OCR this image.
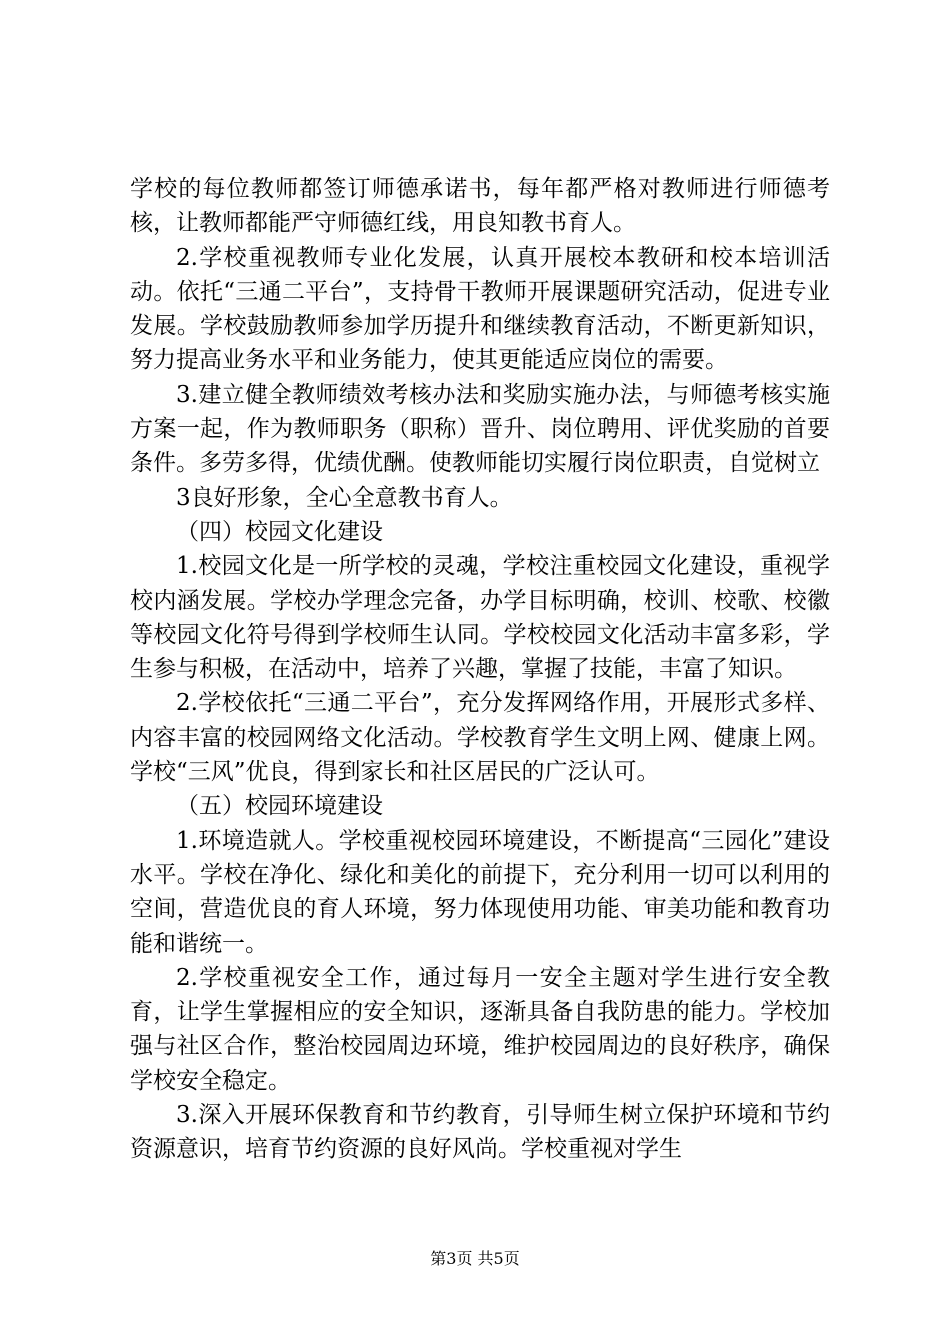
学校的每位教师都签订师德承诺书，每年都严格对教师进行师德考核，让教师都能严守师德红线，用良知教书育人。

2.学校重视教师专业化发展，认真开展校本教研和校本培训活动。依托“三通二平台”，支持骨干教师开展课题研究活动，促进专业发展。学校鼓励教师参加学历提升和继续教育活动，不断更新知识，努力提高业务水平和业务能力，使其更能适应岗位的需要。

3.建立健全教师绩效考核办法和奖励实施办法，与师德考核实施方案一起，作为教师职务（职称）晋升、岗位聘用、评优奖励的首要条件。多劳多得，优绩优酬。使教师能切实履行岗位职责，自觉树立

3良好形象，全心全意教书育人。

（四）校园文化建设

1.校园文化是一所学校的灵魂，学校注重校园文化建设，重视学校内涵发展。学校办学理念完备，办学目标明确，校训、校歌、校徽等校园文化符号得到学校师生认同。学校校园文化活动丰富多彩，学生参与积极，在活动中，培养了兴趣，掌握了技能，丰富了知识。

2.学校依托“三通二平台”，充分发挥网络作用，开展形式多样、内容丰富的校园网络文化活动。学校教育学生文明上网、健康上网。学校“三风”优良，得到家长和社区居民的广泛认可。

（五）校园环境建设

1.环境造就人。学校重视校园环境建设，不断提高“三园化”建设水平。学校在净化、绿化和美化的前提下，充分利用一切可以利用的空间，营造优良的育人环境，努力体现使用功能、审美功能和教育功能和谐统一。

2.学校重视安全工作，通过每月一安全主题对学生进行安全教育，让学生掌握相应的安全知识，逐渐具备自我防患的能力。学校加强与社区合作，整治校园周边环境，维护校园周边的良好秩序，确保学校安全稳定。

3.深入开展环保教育和节约教育，引导师生树立保护环境和节约资源意识，培育节约资源的良好风尚。学校重视对学生

第3页 共5页
